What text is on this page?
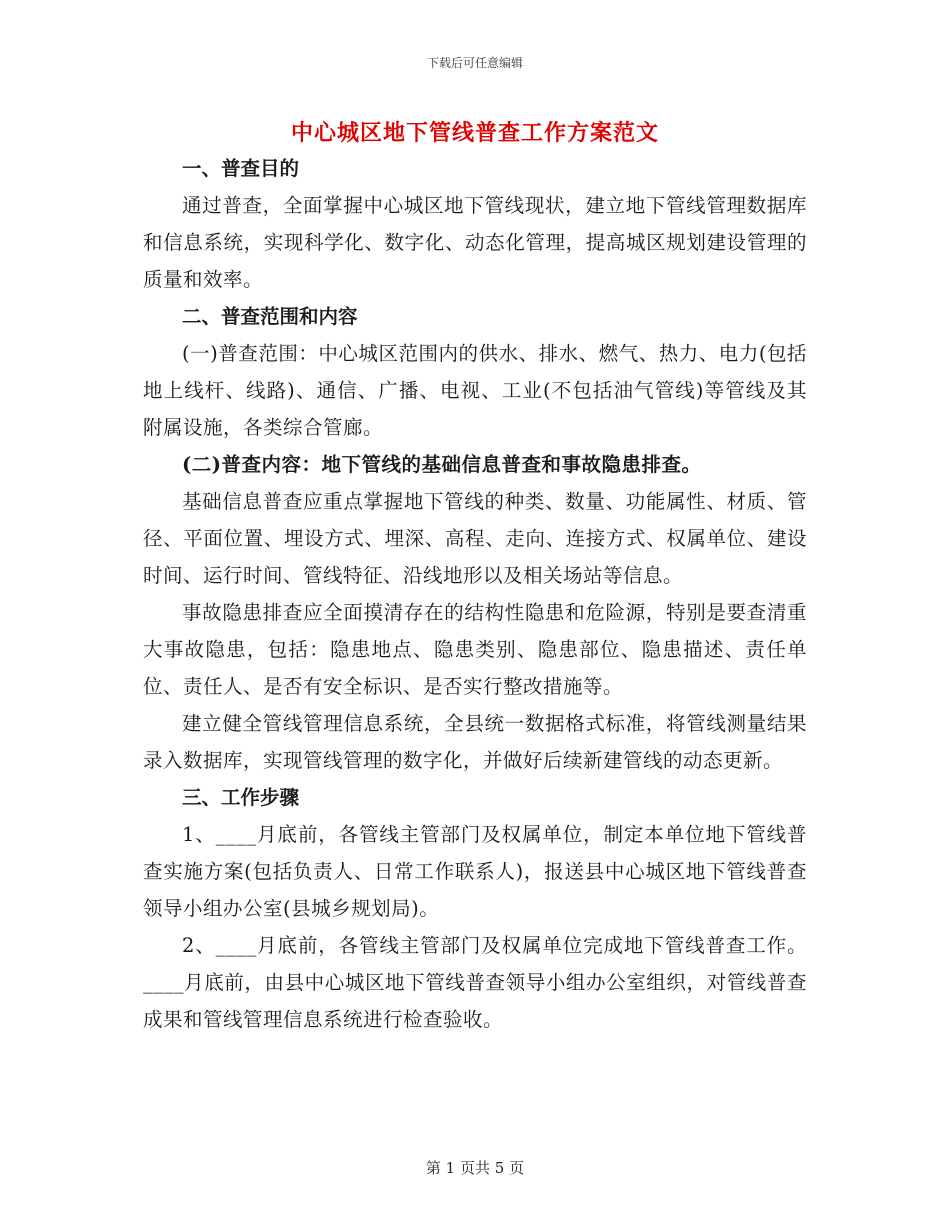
下载后可任意编辑
中心城区地下管线普查工作方案范文
一、普查目的

通过普查，全面掌握中心城区地下管线现状，建立地下管线管理数据库和信息系统，实现科学化、数字化、动态化管理，提高城区规划建设管理的质量和效率。

二、普查范围和内容

(一)普查范围：中心城区范围内的供水、排水、燃气、热力、电力(包括地上线杆、线路)、通信、广播、电视、工业(不包括油气管线)等管线及其附属设施，各类综合管廊。

(二)普查内容：地下管线的基础信息普查和事故隐患排查。

基础信息普查应重点掌握地下管线的种类、数量、功能属性、材质、管径、平面位置、埋设方式、埋深、高程、走向、连接方式、权属单位、建设时间、运行时间、管线特征、沿线地形以及相关场站等信息。

事故隐患排查应全面摸清存在的结构性隐患和危险源，特别是要查清重大事故隐患，包括：隐患地点、隐患类别、隐患部位、隐患描述、责任单位、责任人、是否有安全标识、是否实行整改措施等。

建立健全管线管理信息系统，全县统一数据格式标准，将管线测量结果录入数据库，实现管线管理的数字化，并做好后续新建管线的动态更新。

三、工作步骤

1、____月底前，各管线主管部门及权属单位，制定本单位地下管线普查实施方案(包括负责人、日常工作联系人)，报送县中心城区地下管线普查领导小组办公室(县城乡规划局)。

2、____月底前，各管线主管部门及权属单位完成地下管线普查工作。____月底前，由县中心城区地下管线普查领导小组办公室组织，对管线普查成果和管线管理信息系统进行检查验收。

第 1 页共 5 页
